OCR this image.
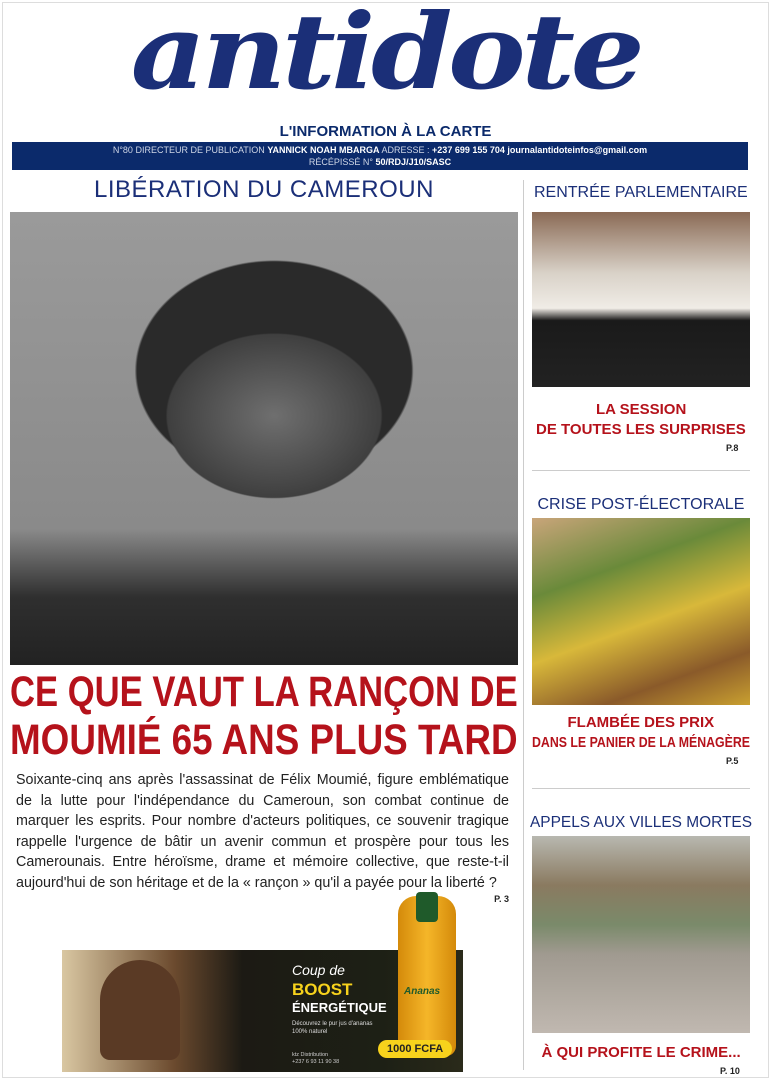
antidote
L'INFORMATION À LA CARTE
N°80 DIRECTEUR DE PUBLICATION YANNICK NOAH MBARGA ADRESSE : +237 699 155 704 journalantidoteinfos@gmail.com
RÉCÉPISSÉ N° 50/RDJ/J10/SASC
LIBÉRATION DU CAMEROUN
CE QUE VAUT LA RANÇON DE
MOUMIÉ 65 ANS PLUS TARD
Soixante-cinq ans après l'assassinat de Félix Moumié, figure emblématique de la lutte pour l'indépendance du Cameroun, son combat continue de marquer les esprits. Pour nombre d'acteurs politiques, ce souvenir tragique rappelle l'urgence de bâtir un avenir commun et prospère pour tous les Camerounais. Entre héroïsme, drame et mémoire collective, que reste-t-il aujourd'hui de son héritage et de la « rançon » qu'il a payée pour la liberté ?
P. 3
Coup de
BOOST
ÉNERGÉTIQUE
Découvrez le pur jus d'ananas 100% naturel
ktz Distribution
+237 6 93 11 90 38
Ananas
1000 FCFA
RENTRÉE PARLEMENTAIRE
LA SESSION
DE TOUTES LES SURPRISES
P.8
CRISE POST-ÉLECTORALE
FLAMBÉE DES PRIX
DANS LE PANIER DE LA MÉNAGÈRE
P.5
APPELS AUX VILLES MORTES
À QUI PROFITE LE CRIME...
P. 10
